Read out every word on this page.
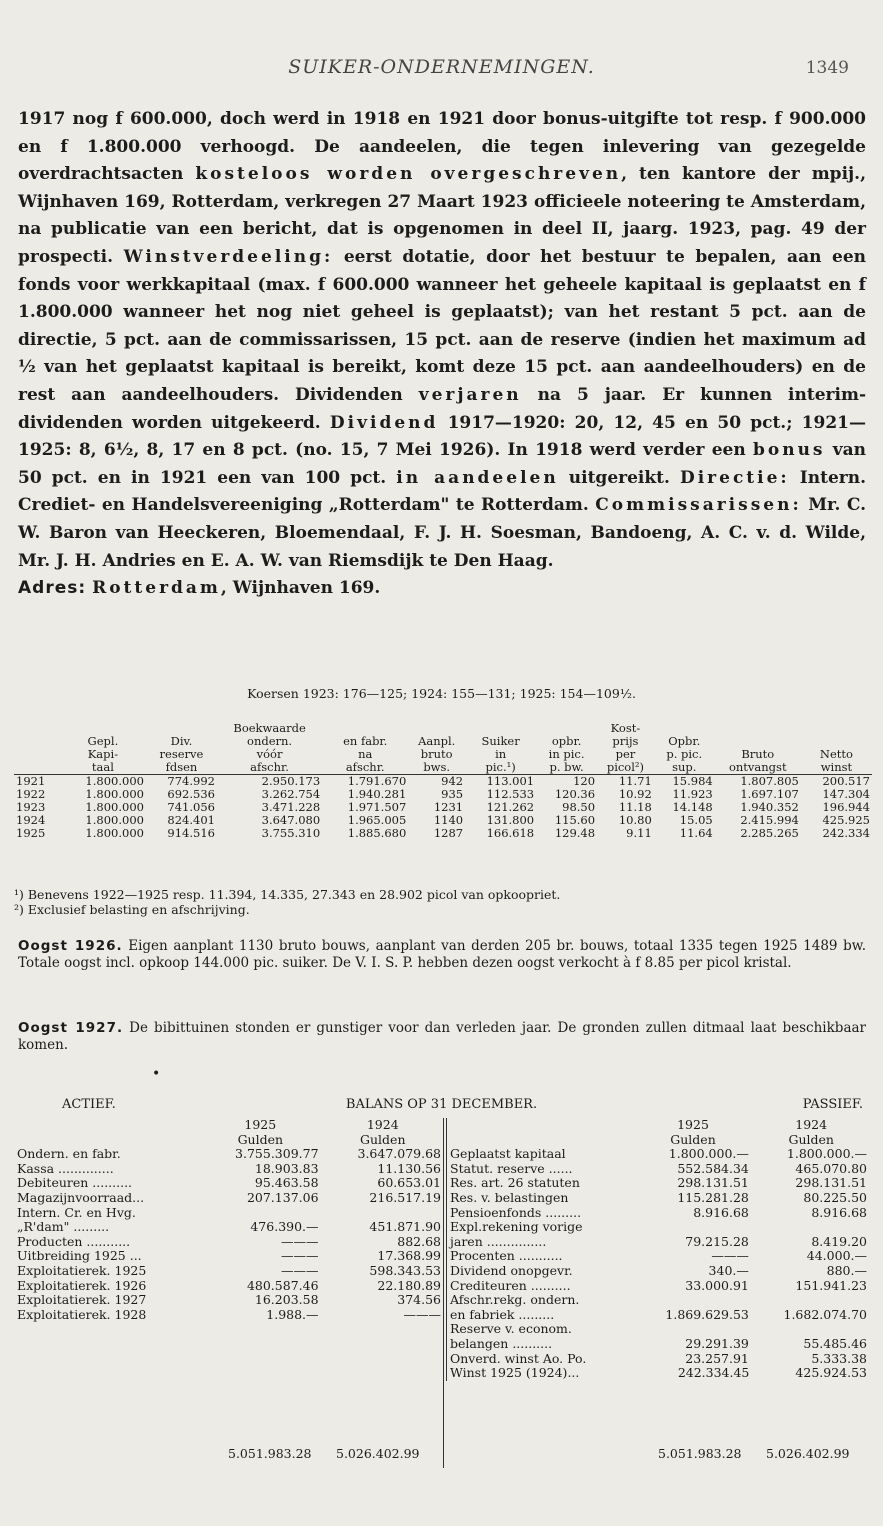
SUIKER-ONDERNEMINGEN.	1349

1917 nog f 600.000, doch werd in 1918 en 1921 door bonus-uitgifte tot resp. f 900.000 en f 1.800.000 verhoogd. De aandeelen, die tegen inlevering van gezegelde overdrachtsacten kosteloos worden overgeschreven, ten kantore der mpij., Wijnhaven 169, Rotterdam, verkregen 27 Maart 1923 officieele noteering te Amsterdam, na publicatie van een bericht, dat is opgenomen in deel II, jaarg. 1923, pag. 49 der prospecti. Winstverdeeling: eerst dotatie, door het bestuur te bepalen, aan een fonds voor werkkapitaal (max. f 600.000 wanneer het geheele kapitaal is geplaatst en f 1.800.000 wanneer het nog niet geheel is geplaatst); van het restant 5 pct. aan de directie, 5 pct. aan de commissarissen, 15 pct. aan de reserve (indien het maximum ad ½ van het geplaatst kapitaal is bereikt, komt deze 15 pct. aan aandeelhouders) en de rest aan aandeelhouders. Dividenden verjaren na 5 jaar. Er kunnen interim-dividenden worden uitgekeerd. Dividend 1917—1920: 20, 12, 45 en 50 pct.; 1921—1925: 8, 6½, 8, 17 en 8 pct. (no. 15, 7 Mei 1926). In 1918 werd verder een bonus van 50 pct. en in 1921 een van 100 pct. in aandeelen uitgereikt. Directie: Intern. Crediet- en Handelsvereeniging „Rotterdam" te Rotterdam. Commissarissen: Mr. C. W. Baron van Heeckeren, Bloemendaal, F. J. H. Soesman, Bandoeng, A. C. v. d. Wilde, Mr. J. H. Andries en E. A. W. van Riemsdijk te Den Haag.
Adres: Rotterdam, Wijnhaven 169.

Koersen 1923: 176—125; 1924: 155—131; 1925: 154—109½.
			Boekwaarde					Kost-			
	Gepl.	Div.	ondern.	en fabr.	Aanpl.	Suiker	opbr.	prijs	Opbr.		
	Kapi-	reserve	vóór	na	bruto	in	in pic.	per	p. pic.	Bruto	Netto
	taal	fdsen	afschr.	afschr.	bws.	pic.¹)	p. bw.	picol²)	sup.	ontvangst	winst
1921	1.800.000	774.992	2.950.173	1.791.670	942	113.001	120	11.71	15.984	1.807.805	200.517
1922	1.800.000	692.536	3.262.754	1.940.281	935	112.533	120.36	10.92	11.923	1.697.107	147.304
1923	1.800.000	741.056	3.471.228	1.971.507	1231	121.262	98.50	11.18	14.148	1.940.352	196.944
1924	1.800.000	824.401	3.647.080	1.965.005	1140	131.800	115.60	10.80	15.05	2.415.994	425.925
1925	1.800.000	914.516	3.755.310	1.885.680	1287	166.618	129.48	9.11	11.64	2.285.265	242.334

¹) Benevens 1922—1925 resp. 11.394, 14.335, 27.343 en 28.902 picol van opkoopriet.

²) Exclusief belasting en afschrijving.

Oogst 1926. Eigen aanplant 1130 bruto bouws, aanplant van derden 205 br. bouws, totaal 1335 tegen 1925 1489 bw. Totale oogst incl. opkoop 144.000 pic. suiker. De V. I. S. P. hebben dezen oogst verkocht à f 8.85 per picol kristal.

Oogst 1927. De bibittuinen stonden er gunstiger voor dan verleden jaar. De gronden zullen ditmaal laat beschikbaar komen.

•
ACTIEF.	BALANS OP 31 DECEMBER.	PASSIEF.
	1925	1924
	Gulden	Gulden
Ondern. en fabr.	3.755.309.77	3.647.079.68
Kassa ..............	18.903.83	11.130.56
Debiteuren ..........	95.463.58	60.653.01
Magazijnvoorraad...	207.137.06	216.517.19
Intern. Cr. en Hvg.		
„R'dam" .........	476.390.—	451.871.90
Producten ...........	———	882.68
Uitbreiding 1925 ...	———	17.368.99
Exploitatierek. 1925	———	598.343.53
Exploitatierek. 1926	480.587.46	22.180.89
Exploitatierek. 1927	16.203.58	374.56
Exploitatierek. 1928	1.988.—	———
	1925	1924
	Gulden	Gulden
Geplaatst kapitaal	1.800.000.—	1.800.000.—
Statut. reserve ......	552.584.34	465.070.80
Res. art. 26 statuten	298.131.51	298.131.51
Res. v. belastingen	115.281.28	80.225.50
Pensioenfonds .........	8.916.68	8.916.68
Expl.rekening vorige		
jaren ...............	79.215.28	8.419.20
Procenten ...........	———	44.000.—
Dividend onopgevr.	340.—	880.—
Crediteuren ..........	33.000.91	151.941.23
Afschr.rekg. ondern.		
en fabriek .........	1.869.629.53	1.682.074.70
Reserve v. econom.		
belangen ..........	29.291.39	55.485.46
Onverd. winst Ao. Po.	23.257.91	5.333.38
Winst 1925 (1924)...	242.334.45	425.924.53
5.051.983.28 5.026.402.99	5.051.983.28 5.026.402.99
